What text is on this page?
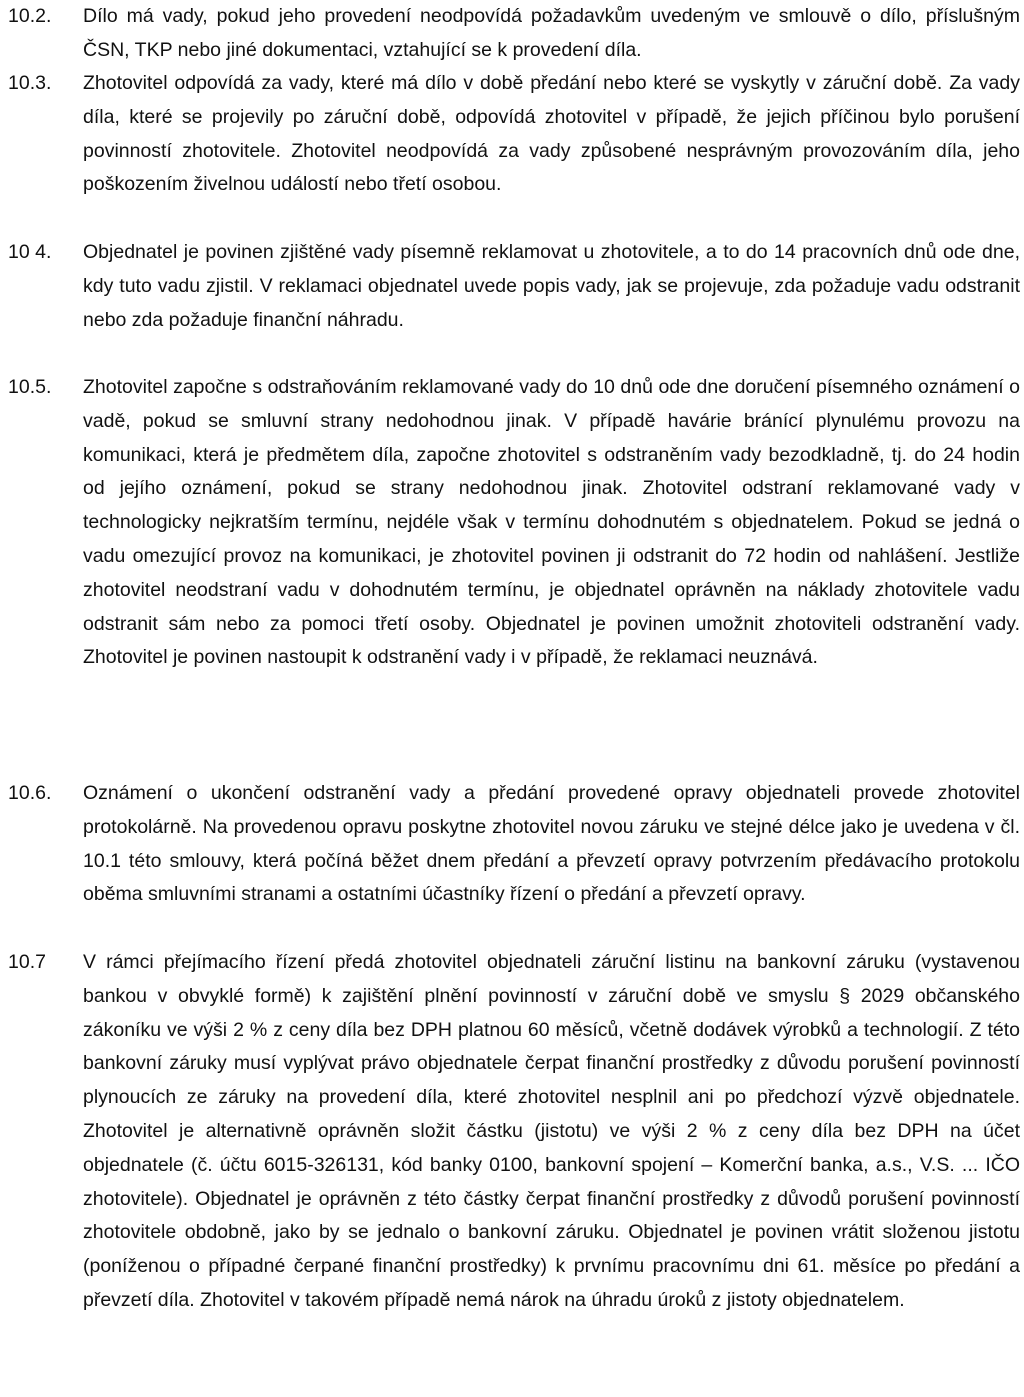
10.2.	Dílo má vady, pokud jeho provedení neodpovídá požadavkům uvedeným ve smlouvě o dílo, příslušným ČSN, TKP nebo jiné dokumentaci, vztahující se k provedení díla.
10.3.	Zhotovitel odpovídá za vady, které má dílo v době předání nebo které se vyskytly v záruční době. Za vady díla, které se projevily po záruční době, odpovídá zhotovitel v případě, že jejich příčinou bylo porušení povinností zhotovitele. Zhotovitel neodpovídá za vady způsobené nesprávným provozováním díla, jeho poškozením živelnou událostí nebo třetí osobou.
10 4.	Objednatel je povinen zjištěné vady písemně reklamovat u zhotovitele, a to do 14 pracovních dnů ode dne, kdy tuto vadu zjistil. V reklamaci objednatel uvede popis vady, jak se projevuje, zda požaduje vadu odstranit nebo zda požaduje finanční náhradu.
10.5.	Zhotovitel započne s odstraňováním reklamované vady do 10 dnů ode dne doručení písemného oznámení o vadě, pokud se smluvní strany nedohodnou jinak. V případě havárie bránící plynulému provozu na komunikaci, která je předmětem díla, započne zhotovitel s odstraněním vady bezodkladně, tj. do 24 hodin od jejího oznámení, pokud se strany nedohodnou jinak. Zhotovitel odstraní reklamované vady v technologicky nejkratším termínu, nejdéle však v termínu dohodnutém s objednatelem. Pokud se jedná o vadu omezující provoz na komunikaci, je zhotovitel povinen ji odstranit do 72 hodin od nahlášení. Jestliže zhotovitel neodstraní vadu v dohodnutém termínu, je objednatel oprávněn na náklady zhotovitele vadu odstranit sám nebo za pomoci třetí osoby. Objednatel je povinen umožnit zhotoviteli odstranění vady. Zhotovitel je povinen nastoupit k odstranění vady i v případě, že reklamaci neuznává.
10.6.	Oznámení o ukončení odstranění vady a předání provedené opravy objednateli provede zhotovitel protokolárně. Na provedenou opravu poskytne zhotovitel novou záruku ve stejné délce jako je uvedena v čl. 10.1 této smlouvy, která počíná běžet dnem předání a převzetí opravy potvrzením předávacího protokolu oběma smluvními stranami a ostatními účastníky řízení o předání a převzetí opravy.
10.7	V rámci přejímacího řízení předá zhotovitel objednateli záruční listinu na bankovní záruku (vystavenou bankou v obvyklé formě) k zajištění plnění povinností v záruční době ve smyslu § 2029 občanského zákoníku ve výši 2 % z ceny díla bez DPH platnou 60 měsíců, včetně dodávek výrobků a technologií. Z této bankovní záruky musí vyplývat právo objednatele čerpat finanční prostředky z důvodu porušení povinností plynoucích ze záruky na provedení díla, které zhotovitel nesplnil ani po předchozí výzvě objednatele. Zhotovitel je alternativně oprávněn složit částku (jistotu) ve výši 2 % z ceny díla bez DPH na účet objednatele (č. účtu 6015-326131, kód banky 0100, bankovní spojení – Komerční banka, a.s., V.S. ... IČO zhotovitele). Objednatel je oprávněn z této částky čerpat finanční prostředky z důvodů porušení povinností zhotovitele obdobně, jako by se jednalo o bankovní záruku. Objednatel je povinen vrátit složenou jistotu (poníženou o případné čerpané finanční prostředky) k prvnímu pracovnímu dni 61. měsíce po předání a převzetí díla. Zhotovitel v takovém případě nemá nárok na úhradu úroků z jistoty objednatelem.
